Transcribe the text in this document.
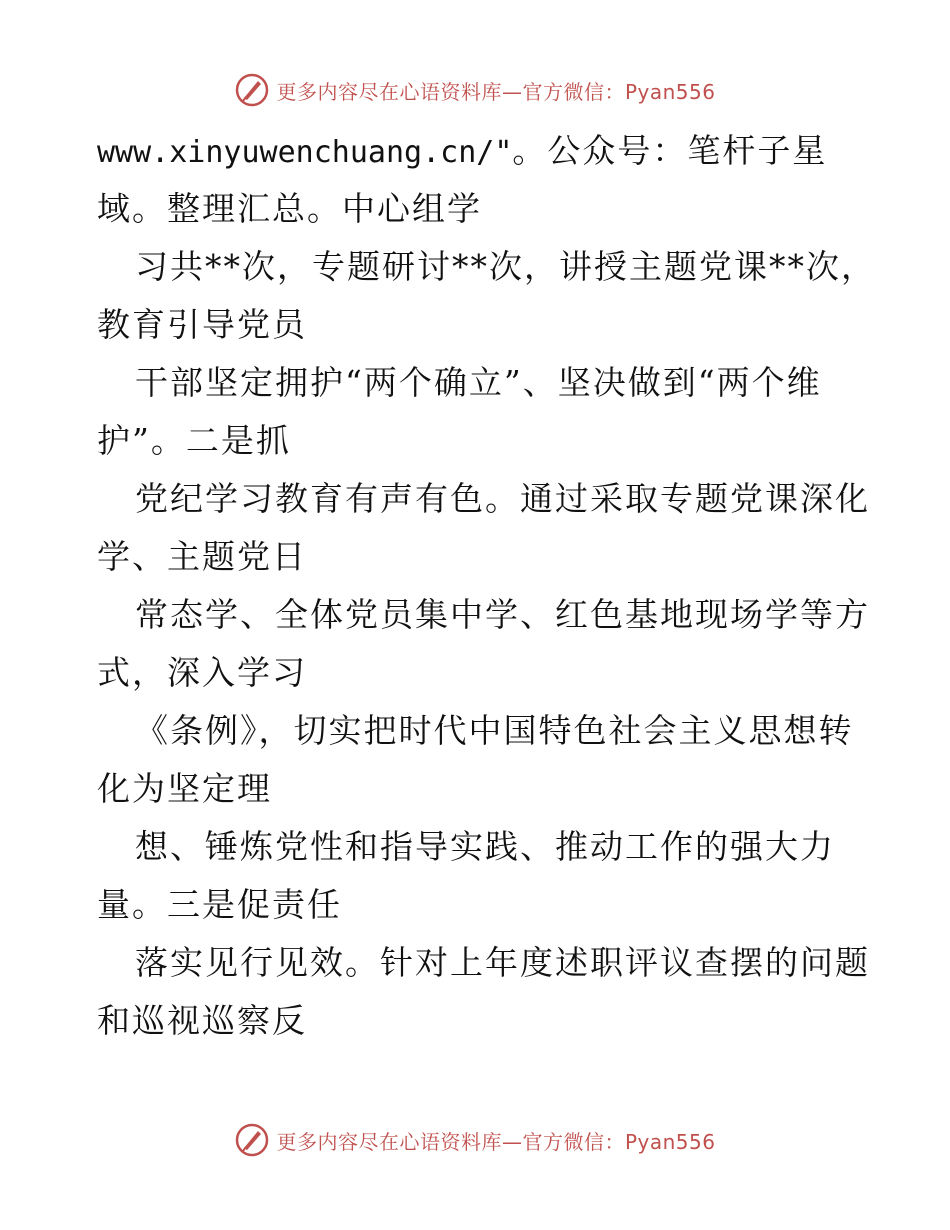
更多内容尽在心语资料库—官方微信：Pyan556
www.xinyuwenchuang.cn/"。公众号：笔杆子星
域。整理汇总。中心组学
习共**次，专题研讨**次，讲授主题党课**次，
教育引导党员
干部坚定拥护“两个确立”、坚决做到“两个维
护”。二是抓
党纪学习教育有声有色。通过采取专题党课深化
学、主题党日
常态学、全体党员集中学、红色基地现场学等方
式，深入学习
《条例》，切实把时代中国特色社会主义思想转
化为坚定理
想、锤炼党性和指导实践、推动工作的强大力
量。三是促责任
落实见行见效。针对上年度述职评议查摆的问题
和巡视巡察反
更多内容尽在心语资料库—官方微信：Pyan556
